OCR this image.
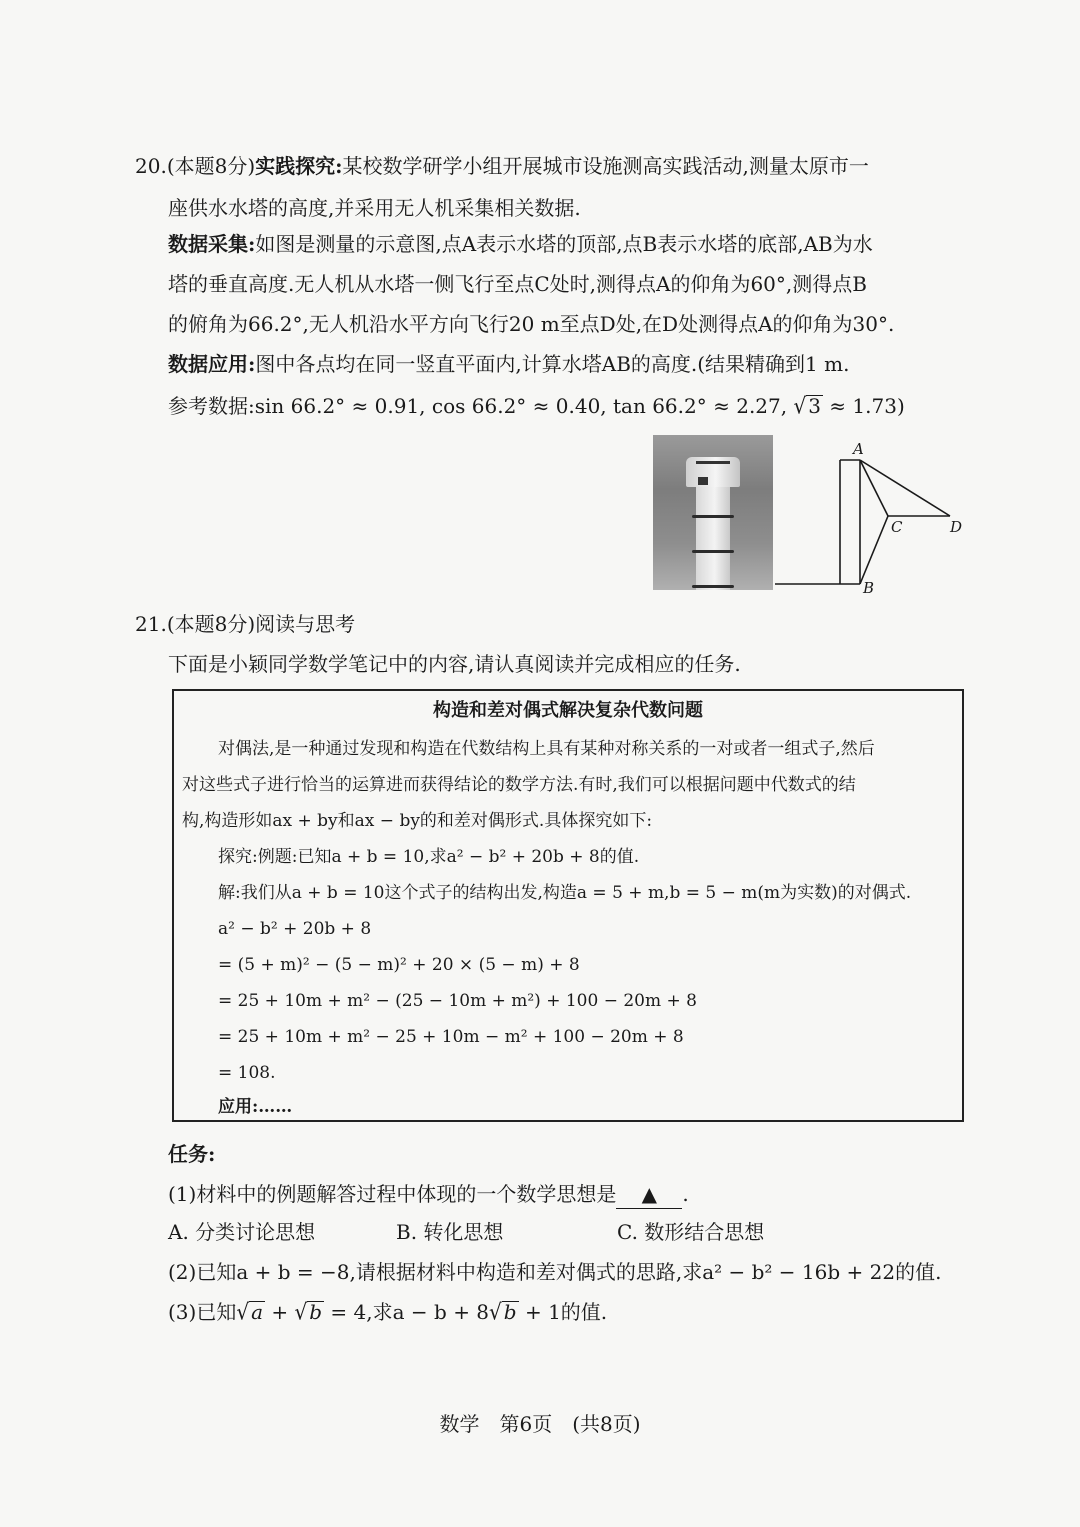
20.(本题8分)实践探究:某校数学研学小组开展城市设施测高实践活动,测量太原市一
座供水水塔的高度,并采用无人机采集相关数据.
数据采集:如图是测量的示意图,点A表示水塔的顶部,点B表示水塔的底部,AB为水
塔的垂直高度.无人机从水塔一侧飞行至点C处时,测得点A的仰角为60°,测得点B
的俯角为66.2°,无人机沿水平方向飞行20 m至点D处,在D处测得点A的仰角为30°.
数据应用:图中各点均在同一竖直平面内,计算水塔AB的高度.(结果精确到1 m.
参考数据:sin 66.2° ≈ 0.91, cos 66.2° ≈ 0.40, tan 66.2° ≈ 2.27, √ 3 ≈ 1.73)
A
B
C	D
21.(本题8分)阅读与思考
下面是小颖同学数学笔记中的内容,请认真阅读并完成相应的任务.
构造和差对偶式解决复杂代数问题
对偶法,是一种通过发现和构造在代数结构上具有某种对称关系的一对或者一组式子,然后
对这些式子进行恰当的运算进而获得结论的数学方法.有时,我们可以根据问题中代数式的结
构,构造形如ax + by和ax − by的和差对偶形式.具体探究如下:
探究:例题:已知a + b = 10,求a² − b² + 20b + 8的值.
解:我们从a + b = 10这个式子的结构出发,构造a = 5 + m,b = 5 − m(m为实数)的对偶式.
a² − b² + 20b + 8
= (5 + m)² − (5 − m)² + 20 × (5 − m) + 8
= 25 + 10m + m² − (25 − 10m + m²) + 100 − 20m + 8
= 25 + 10m + m² − 25 + 10m − m² + 100 − 20m + 8
= 108.
应用:……
任务:
(1)材料中的例题解答过程中体现的一个数学思想是 ▲ .
A. 分类讨论思想	B. 转化思想	C. 数形结合思想
(2)已知a + b = −8,请根据材料中构造和差对偶式的思路,求a² − b² − 16b + 22的值.
(3)已知√ a + √ b = 4,求a − b + 8√ b + 1的值.
数学　第6页　(共8页)
